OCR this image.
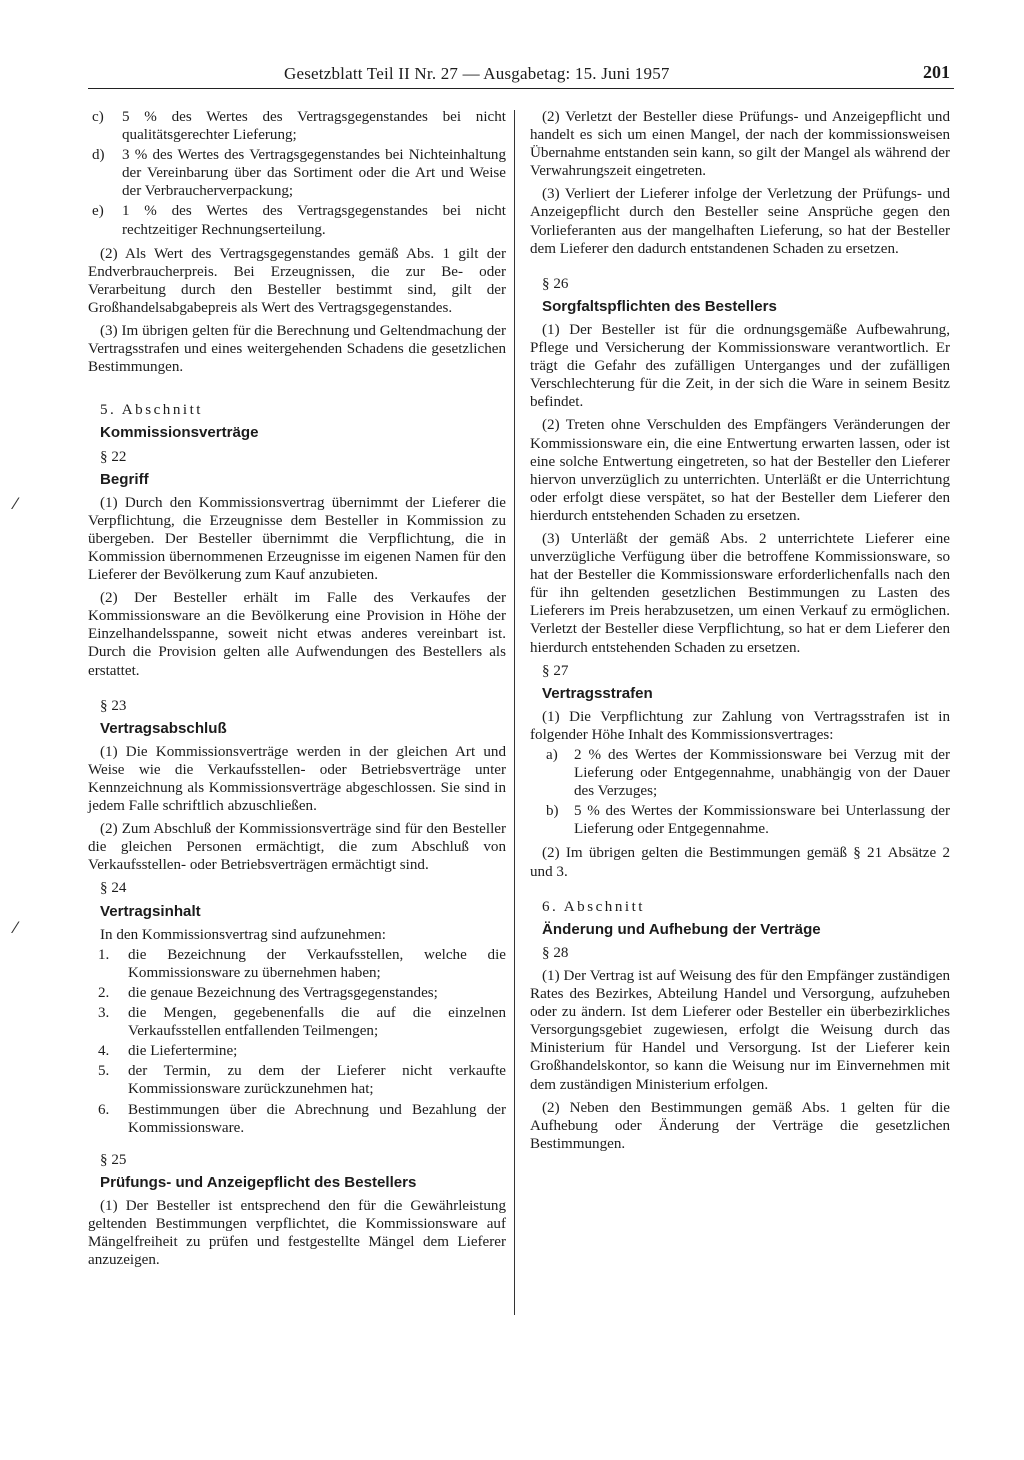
Gesetzblatt Teil II Nr. 27 — Ausgabetag: 15. Juni 1957	201
⁄
⁄
c)	5 % des Wertes des Vertragsgegenstandes bei nicht qualitätsgerechter Lieferung;
d)	3 % des Wertes des Vertragsgegenstandes bei Nichteinhaltung der Vereinbarung über das Sortiment oder die Art und Weise der Verbraucherverpackung;
e)	1 % des Wertes des Vertragsgegenstandes bei nicht rechtzeitiger Rechnungserteilung.

(2) Als Wert des Vertragsgegenstandes gemäß Abs. 1 gilt der Endverbraucherpreis. Bei Erzeugnissen, die zur Be- oder Verarbeitung durch den Besteller bestimmt sind, gilt der Großhandelsabgabepreis als Wert des Vertragsgegenstandes.

(3) Im übrigen gelten für die Berechnung und Geltendmachung der Vertragsstrafen und eines weitergehenden Schadens die gesetzlichen Bestimmungen.

5. Abschnitt

Kommissionsverträge

§ 22

Begriff

(1) Durch den Kommissionsvertrag übernimmt der Lieferer die Verpflichtung, die Erzeugnisse dem Besteller in Kommission zu übergeben. Der Besteller übernimmt die Verpflichtung, die in Kommission übernommenen Erzeugnisse im eigenen Namen für den Lieferer der Bevölkerung zum Kauf anzubieten.

(2) Der Besteller erhält im Falle des Verkaufes der Kommissionsware an die Bevölkerung eine Provision in Höhe der Einzelhandelsspanne, soweit nicht etwas anderes vereinbart ist. Durch die Provision gelten alle Aufwendungen des Bestellers als erstattet.

§ 23

Vertragsabschluß

(1) Die Kommissionsverträge werden in der gleichen Art und Weise wie die Verkaufsstellen- oder Betriebsverträge unter Kennzeichnung als Kommissionsverträge abgeschlossen. Sie sind in jedem Falle schriftlich abzuschließen.

(2) Zum Abschluß der Kommissionsverträge sind für den Besteller die gleichen Personen ermächtigt, die zum Abschluß von Verkaufsstellen- oder Betriebsverträgen ermächtigt sind.

§ 24

Vertragsinhalt

In den Kommissionsvertrag sind aufzunehmen:

1.	die Bezeichnung der Verkaufsstellen, welche die Kommissionsware zu übernehmen haben;
2.	die genaue Bezeichnung des Vertragsgegenstandes;
3.	die Mengen, gegebenenfalls die auf die einzelnen Verkaufsstellen entfallenden Teilmengen;
4.	die Liefertermine;
5.	der Termin, zu dem der Lieferer nicht verkaufte Kommissionsware zurückzunehmen hat;
6.	Bestimmungen über die Abrechnung und Bezahlung der Kommissionsware.

§ 25

Prüfungs- und Anzeigepflicht des Bestellers

(1) Der Besteller ist entsprechend den für die Gewährleistung geltenden Bestimmungen verpflichtet, die Kommissionsware auf Mängelfreiheit zu prüfen und festgestellte Mängel dem Lieferer anzuzeigen.

(2) Verletzt der Besteller diese Prüfungs- und Anzeigepflicht und handelt es sich um einen Mangel, der nach der kommissionsweisen Übernahme entstanden sein kann, so gilt der Mangel als während der Verwahrungszeit eingetreten.

(3) Verliert der Lieferer infolge der Verletzung der Prüfungs- und Anzeigepflicht durch den Besteller seine Ansprüche gegen den Vorlieferanten aus der mangelhaften Lieferung, so hat der Besteller dem Lieferer den dadurch entstandenen Schaden zu ersetzen.

§ 26

Sorgfaltspflichten des Bestellers

(1) Der Besteller ist für die ordnungsgemäße Aufbewahrung, Pflege und Versicherung der Kommissionsware verantwortlich. Er trägt die Gefahr des zufälligen Unterganges und der zufälligen Verschlechterung für die Zeit, in der sich die Ware in seinem Besitz befindet.

(2) Treten ohne Verschulden des Empfängers Veränderungen der Kommissionsware ein, die eine Entwertung erwarten lassen, oder ist eine solche Entwertung eingetreten, so hat der Besteller den Lieferer hiervon unverzüglich zu unterrichten. Unterläßt er die Unterrichtung oder erfolgt diese verspätet, so hat der Besteller dem Lieferer den hierdurch entstehenden Schaden zu ersetzen.

(3) Unterläßt der gemäß Abs. 2 unterrichtete Lieferer eine unverzügliche Verfügung über die betroffene Kommissionsware, so hat der Besteller die Kommissionsware erforderlichenfalls nach den für ihn geltenden gesetzlichen Bestimmungen zu Lasten des Lieferers im Preis herabzusetzen, um einen Verkauf zu ermöglichen. Verletzt der Besteller diese Verpflichtung, so hat er dem Lieferer den hierdurch entstehenden Schaden zu ersetzen.

§ 27

Vertragsstrafen

(1) Die Verpflichtung zur Zahlung von Vertragsstrafen ist in folgender Höhe Inhalt des Kommissionsvertrages:

a)	2 % des Wertes der Kommissionsware bei Verzug mit der Lieferung oder Entgegennahme, unabhängig von der Dauer des Verzuges;
b)	5 % des Wertes der Kommissionsware bei Unterlassung der Lieferung oder Entgegennahme.

(2) Im übrigen gelten die Bestimmungen gemäß § 21 Absätze 2 und 3.

6. Abschnitt

Änderung und Aufhebung der Verträge

§ 28

(1) Der Vertrag ist auf Weisung des für den Empfänger zuständigen Rates des Bezirkes, Abteilung Handel und Versorgung, aufzuheben oder zu ändern. Ist dem Lieferer oder Besteller ein überbezirkliches Versorgungsgebiet zugewiesen, erfolgt die Weisung durch das Ministerium für Handel und Versorgung. Ist der Lieferer kein Großhandelskontor, so kann die Weisung nur im Einvernehmen mit dem zuständigen Ministerium erfolgen.

(2) Neben den Bestimmungen gemäß Abs. 1 gelten für die Aufhebung oder Änderung der Verträge die gesetzlichen Bestimmungen.
